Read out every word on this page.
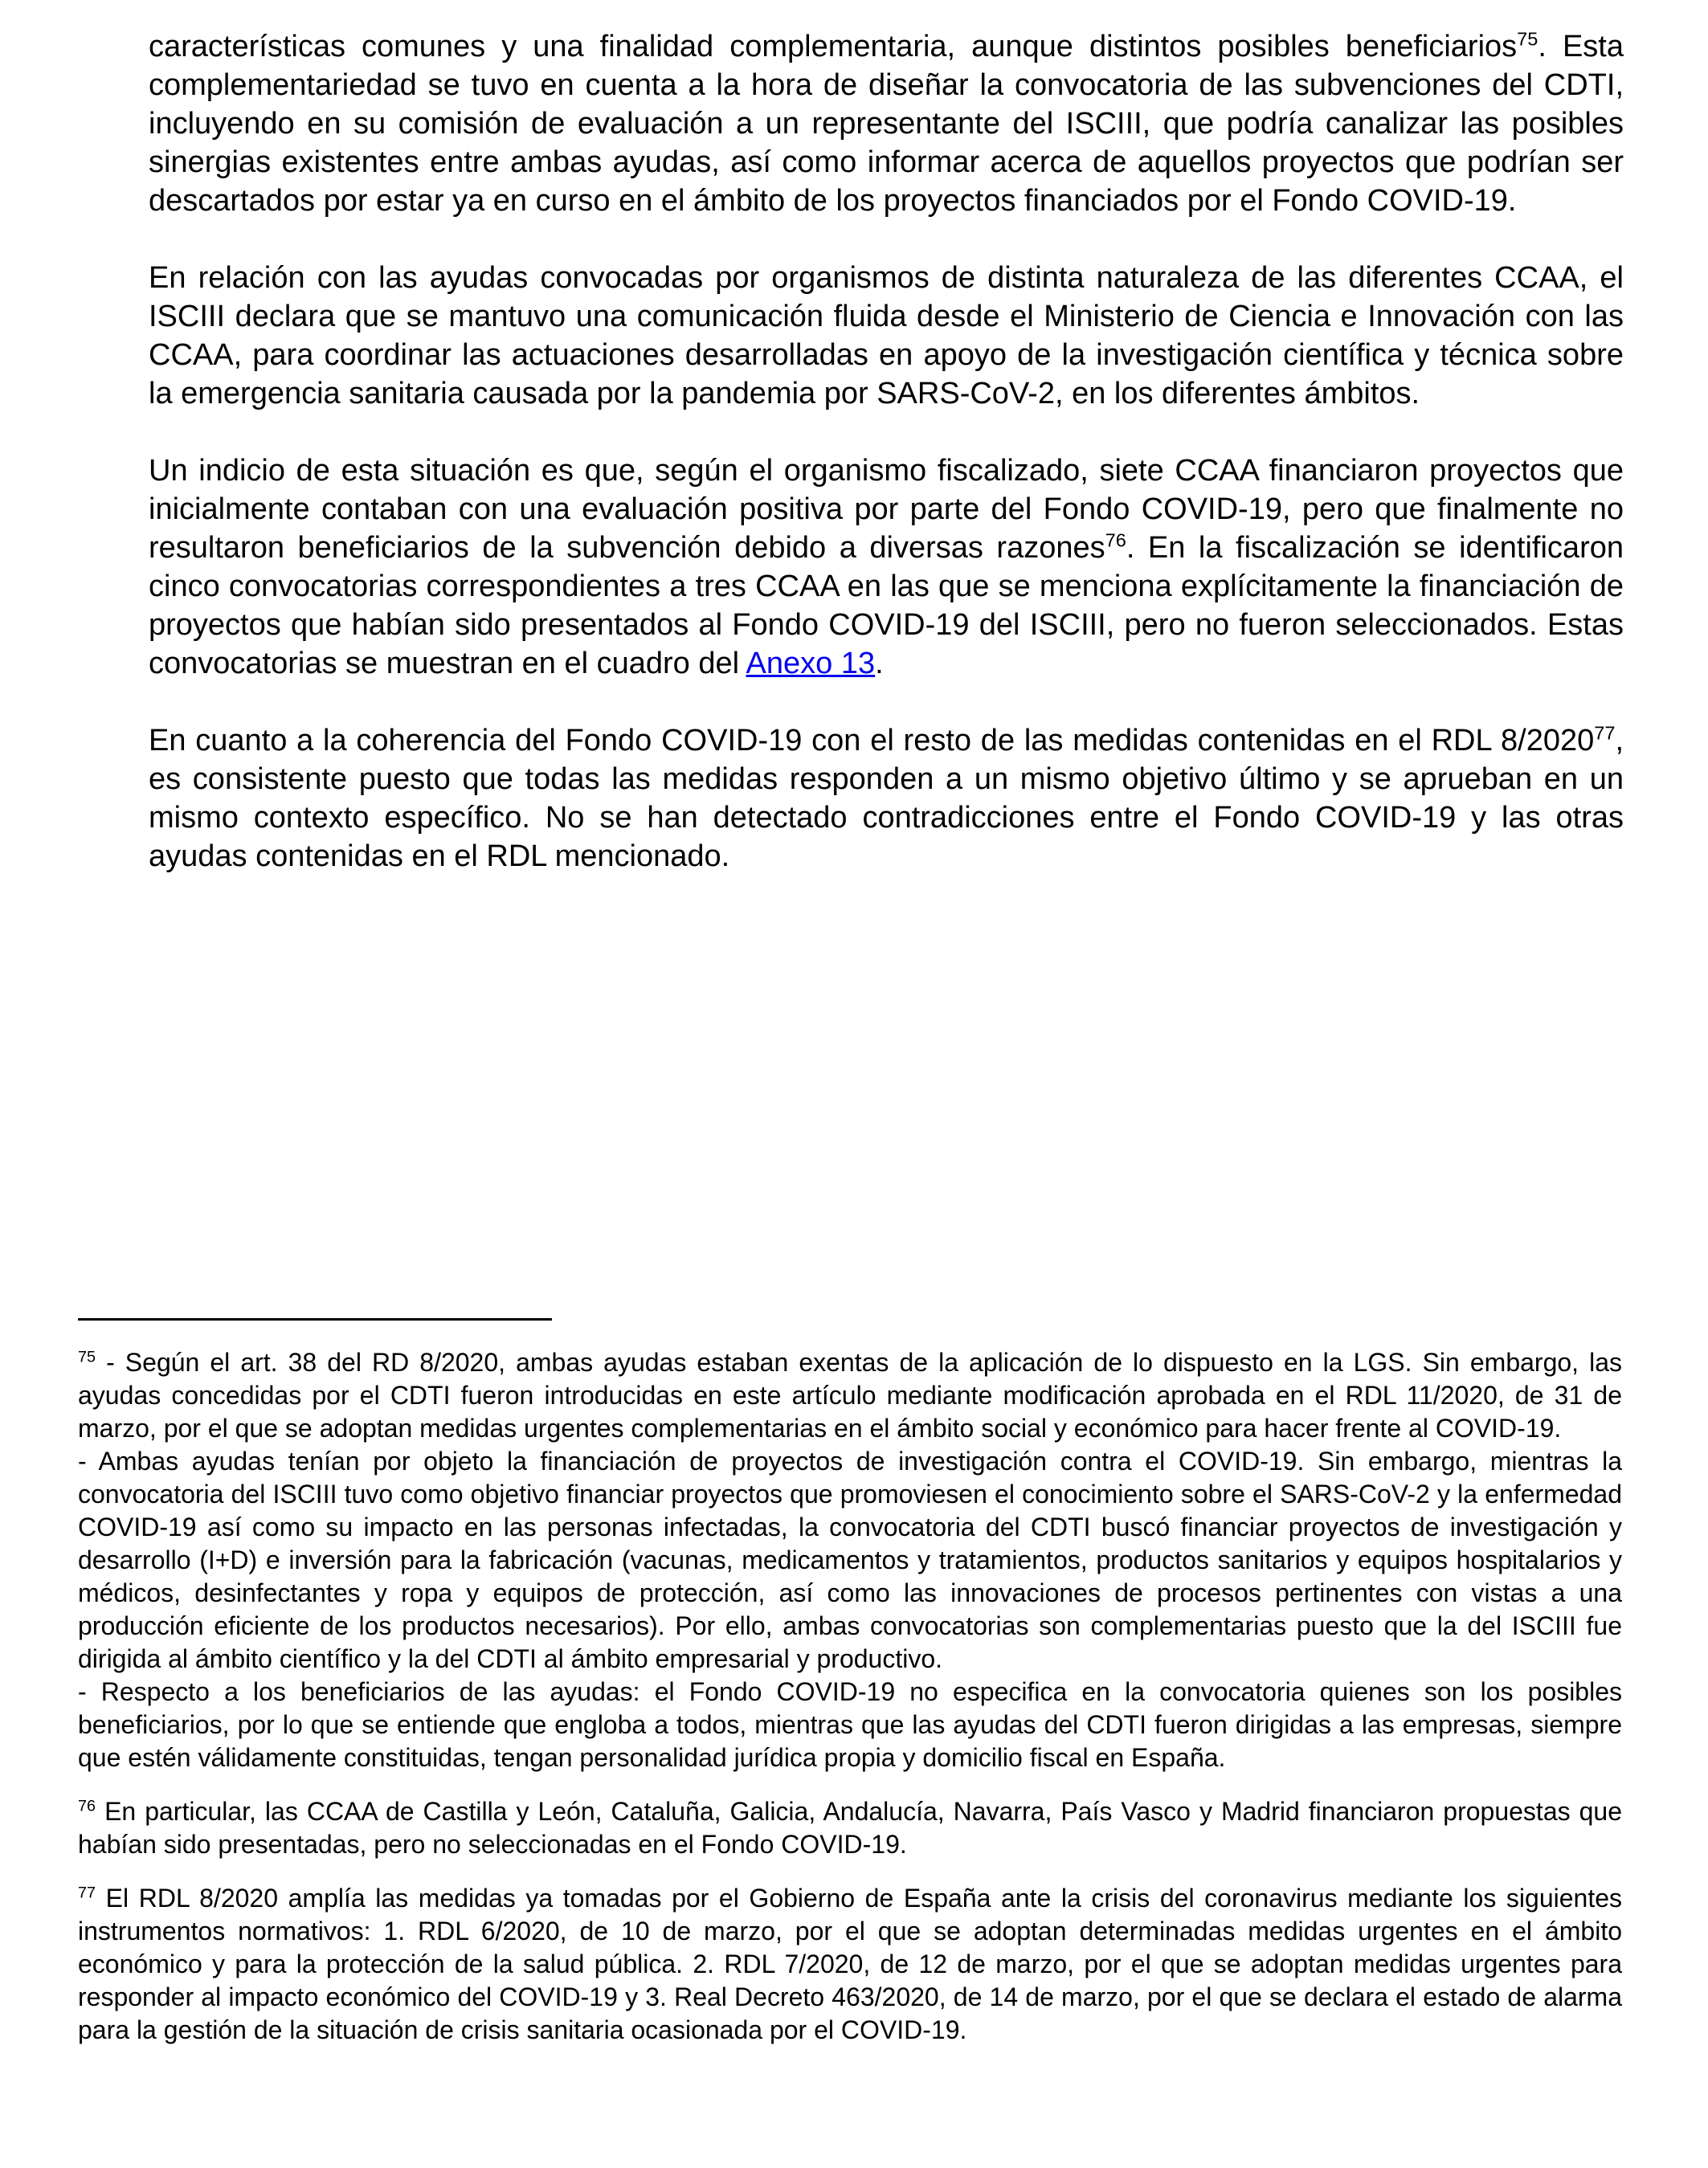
características comunes y una finalidad complementaria, aunque distintos posibles beneficiarios$^{75}$. Esta complementariedad se tuvo en cuenta a la hora de diseñar la convocatoria de las subvenciones del CDTI, incluyendo en su comisión de evaluación a un representante del ISCIII, que podría canalizar las posibles sinergias existentes entre ambas ayudas, así como informar acerca de aquellos proyectos que podrían ser descartados por estar ya en curso en el ámbito de los proyectos financiados por el Fondo COVID-19.

En relación con las ayudas convocadas por organismos de distinta naturaleza de las diferentes CCAA, el ISCIII declara que se mantuvo una comunicación fluida desde el Ministerio de Ciencia e Innovación con las CCAA, para coordinar las actuaciones desarrolladas en apoyo de la investigación científica y técnica sobre la emergencia sanitaria causada por la pandemia por SARS-CoV-2, en los diferentes ámbitos.

Un indicio de esta situación es que, según el organismo fiscalizado, siete CCAA financiaron proyectos que inicialmente contaban con una evaluación positiva por parte del Fondo COVID-19, pero que finalmente no resultaron beneficiarios de la subvención debido a diversas razones$^{76}$. En la fiscalización se identificaron cinco convocatorias correspondientes a tres CCAA en las que se menciona explícitamente la financiación de proyectos que habían sido presentados al Fondo COVID-19 del ISCIII, pero no fueron seleccionados. Estas convocatorias se muestran en el cuadro del Anexo 13.

En cuanto a la coherencia del Fondo COVID-19 con el resto de las medidas contenidas en el RDL 8/2020$^{77}$, es consistente puesto que todas las medidas responden a un mismo objetivo último y se aprueban en un mismo contexto específico. No se han detectado contradicciones entre el Fondo COVID-19 y las otras ayudas contenidas en el RDL mencionado.

$^{75}$ - Según el art. 38 del RD 8/2020, ambas ayudas estaban exentas de la aplicación de lo dispuesto en la LGS. Sin embargo, las ayudas concedidas por el CDTI fueron introducidas en este artículo mediante modificación aprobada en el RDL 11/2020, de 31 de marzo, por el que se adoptan medidas urgentes complementarias en el ámbito social y económico para hacer frente al COVID-19.
- Ambas ayudas tenían por objeto la financiación de proyectos de investigación contra el COVID-19. Sin embargo, mientras la convocatoria del ISCIII tuvo como objetivo financiar proyectos que promoviesen el conocimiento sobre el SARS-CoV-2 y la enfermedad COVID-19 así como su impacto en las personas infectadas, la convocatoria del CDTI buscó financiar proyectos de investigación y desarrollo (I+D) e inversión para la fabricación (vacunas, medicamentos y tratamientos, productos sanitarios y equipos hospitalarios y médicos, desinfectantes y ropa y equipos de protección, así como las innovaciones de procesos pertinentes con vistas a una producción eficiente de los productos necesarios). Por ello, ambas convocatorias son complementarias puesto que la del ISCIII fue dirigida al ámbito científico y la del CDTI al ámbito empresarial y productivo.
- Respecto a los beneficiarios de las ayudas: el Fondo COVID-19 no especifica en la convocatoria quienes son los posibles beneficiarios, por lo que se entiende que engloba a todos, mientras que las ayudas del CDTI fueron dirigidas a las empresas, siempre que estén válidamente constituidas, tengan personalidad jurídica propia y domicilio fiscal en España.
$^{76}$ En particular, las CCAA de Castilla y León, Cataluña, Galicia, Andalucía, Navarra, País Vasco y Madrid financiaron propuestas que habían sido presentadas, pero no seleccionadas en el Fondo COVID-19.
$^{77}$ El RDL 8/2020 amplía las medidas ya tomadas por el Gobierno de España ante la crisis del coronavirus mediante los siguientes instrumentos normativos: 1. RDL 6/2020, de 10 de marzo, por el que se adoptan determinadas medidas urgentes en el ámbito económico y para la protección de la salud pública. 2. RDL 7/2020, de 12 de marzo, por el que se adoptan medidas urgentes para responder al impacto económico del COVID-19 y 3. Real Decreto 463/2020, de 14 de marzo, por el que se declara el estado de alarma para la gestión de la situación de crisis sanitaria ocasionada por el COVID-19.
